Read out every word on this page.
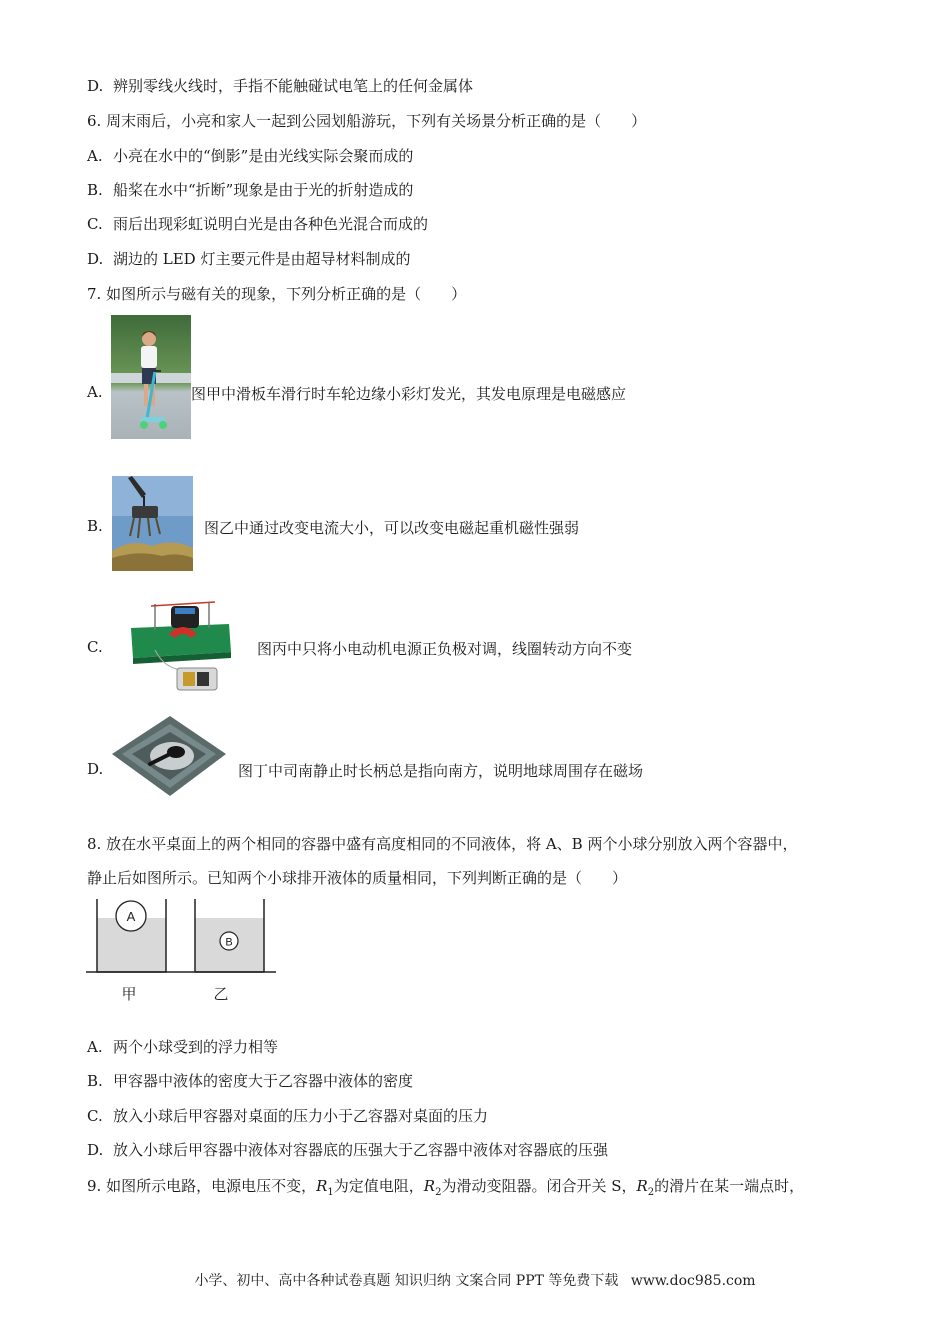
D. 辨别零线火线时，手指不能触碰试电笔上的任何金属体
6. 周末雨后，小亮和家人一起到公园划船游玩，下列有关场景分析正确的是（　　）
A. 小亮在水中的“倒影”是由光线实际会聚而成的
B. 船桨在水中“折断”现象是由于光的折射造成的
C. 雨后出现彩虹说明白光是由各种色光混合而成的
D. 湖边的 LED 灯主要元件是由超导材料制成的
7. 如图所示与磁有关的现象，下列分析正确的是（　　）
A.	图甲中滑板车滑行时车轮边缘小彩灯发光，其发电原理是电磁感应
B.	图乙中通过改变电流大小，可以改变电磁起重机磁性强弱
C.	图丙中只将小电动机电源正负极对调，线圈转动方向不变
D.	图丁中司南静止时长柄总是指向南方，说明地球周围存在磁场
8. 放在水平桌面上的两个相同的容器中盛有高度相同的不同液体，将 A、B 两个小球分别放入两个容器中，
静止后如图所示。已知两个小球排开液体的质量相同，下列判断正确的是（　　）
A
B
甲	乙
A. 两个小球受到的浮力相等
B. 甲容器中液体的密度大于乙容器中液体的密度
C. 放入小球后甲容器对桌面的压力小于乙容器对桌面的压力
D. 放入小球后甲容器中液体对容器底的压强大于乙容器中液体对容器底的压强
9. 如图所示电路，电源电压不变，$R_1$为定值电阻，$R_2$为滑动变阻器。闭合开关 S，$R_2$的滑片在某一端点时，
小学、初中、高中各种试卷真题 知识归纳 文案合同 PPT 等免费下载 www.doc985.com
